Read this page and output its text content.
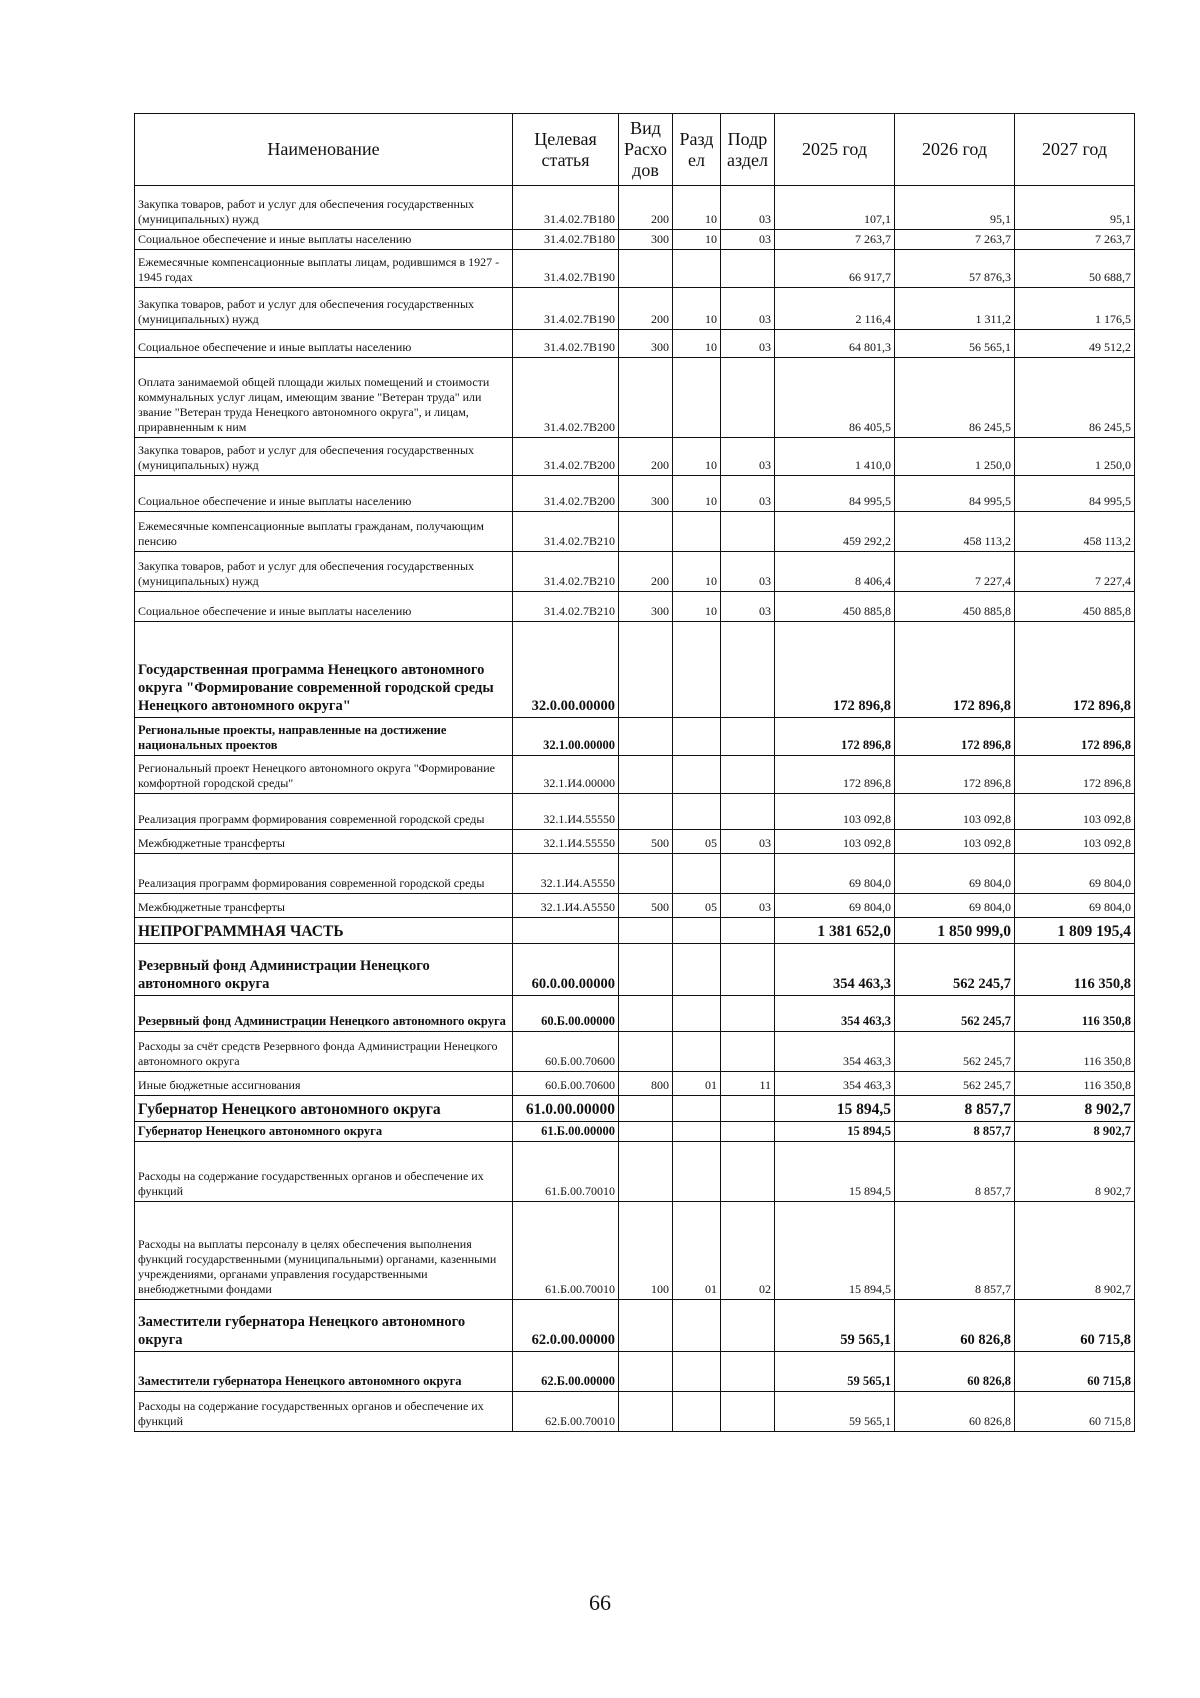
Наименование	Целевая статья	Вид Расхо дов	Разд ел	Подр аздел	2025 год	2026 год	2027 год
Закупка товаров, работ и услуг для обеспечения государственных (муниципальных) нужд	31.4.02.7В180	200	10	03	107,1	95,1	95,1
Социальное обеспечение и иные выплаты населению	31.4.02.7В180	300	10	03	7 263,7	7 263,7	7 263,7
Ежемесячные компенсационные выплаты лицам, родившимся в 1927 - 1945 годах	31.4.02.7В190				66 917,7	57 876,3	50 688,7
Закупка товаров, работ и услуг для обеспечения государственных (муниципальных) нужд	31.4.02.7В190	200	10	03	2 116,4	1 311,2	1 176,5
Социальное обеспечение и иные выплаты населению	31.4.02.7В190	300	10	03	64 801,3	56 565,1	49 512,2
Оплата занимаемой общей площади жилых помещений и стоимости коммунальных услуг лицам, имеющим звание "Ветеран труда" или звание "Ветеран труда Ненецкого автономного округа", и лицам, приравненным к ним	31.4.02.7В200				86 405,5	86 245,5	86 245,5
Закупка товаров, работ и услуг для обеспечения государственных (муниципальных) нужд	31.4.02.7В200	200	10	03	1 410,0	1 250,0	1 250,0
Социальное обеспечение и иные выплаты населению	31.4.02.7В200	300	10	03	84 995,5	84 995,5	84 995,5
Ежемесячные компенсационные выплаты гражданам, получающим пенсию	31.4.02.7В210				459 292,2	458 113,2	458 113,2
Закупка товаров, работ и услуг для обеспечения государственных (муниципальных) нужд	31.4.02.7В210	200	10	03	8 406,4	7 227,4	7 227,4
Социальное обеспечение и иные выплаты населению	31.4.02.7В210	300	10	03	450 885,8	450 885,8	450 885,8
Государственная программа Ненецкого автономного округа "Формирование современной городской среды Ненецкого автономного округа"	32.0.00.00000				172 896,8	172 896,8	172 896,8
Региональные проекты, направленные на достижение национальных проектов	32.1.00.00000				172 896,8	172 896,8	172 896,8
Региональный проект Ненецкого автономного округа "Формирование комфортной городской среды"	32.1.И4.00000				172 896,8	172 896,8	172 896,8
Реализация программ формирования современной городской среды	32.1.И4.55550				103 092,8	103 092,8	103 092,8
Межбюджетные трансферты	32.1.И4.55550	500	05	03	103 092,8	103 092,8	103 092,8
Реализация программ формирования современной городской среды	32.1.И4.А5550				69 804,0	69 804,0	69 804,0
Межбюджетные трансферты	32.1.И4.А5550	500	05	03	69 804,0	69 804,0	69 804,0
НЕПРОГРАММНАЯ ЧАСТЬ					1 381 652,0	1 850 999,0	1 809 195,4
Резервный фонд Администрации Ненецкого автономного округа	60.0.00.00000				354 463,3	562 245,7	116 350,8
Резервный фонд Администрации Ненецкого автономного округа	60.Б.00.00000				354 463,3	562 245,7	116 350,8
Расходы за счёт средств Резервного фонда Администрации Ненецкого автономного округа	60.Б.00.70600				354 463,3	562 245,7	116 350,8
Иные бюджетные ассигнования	60.Б.00.70600	800	01	11	354 463,3	562 245,7	116 350,8
Губернатор Ненецкого автономного округа	61.0.00.00000				15 894,5	8 857,7	8 902,7
Губернатор Ненецкого автономного округа	61.Б.00.00000				15 894,5	8 857,7	8 902,7
Расходы на содержание государственных органов и обеспечение их функций	61.Б.00.70010				15 894,5	8 857,7	8 902,7
Расходы на выплаты персоналу в целях обеспечения выполнения функций государственными (муниципальными) органами, казенными учреждениями, органами управления государственными внебюджетными фондами	61.Б.00.70010	100	01	02	15 894,5	8 857,7	8 902,7
Заместители губернатора Ненецкого автономного округа	62.0.00.00000				59 565,1	60 826,8	60 715,8
Заместители губернатора Ненецкого автономного округа	62.Б.00.00000				59 565,1	60 826,8	60 715,8
Расходы на содержание государственных органов и обеспечение их функций	62.Б.00.70010				59 565,1	60 826,8	60 715,8
66
